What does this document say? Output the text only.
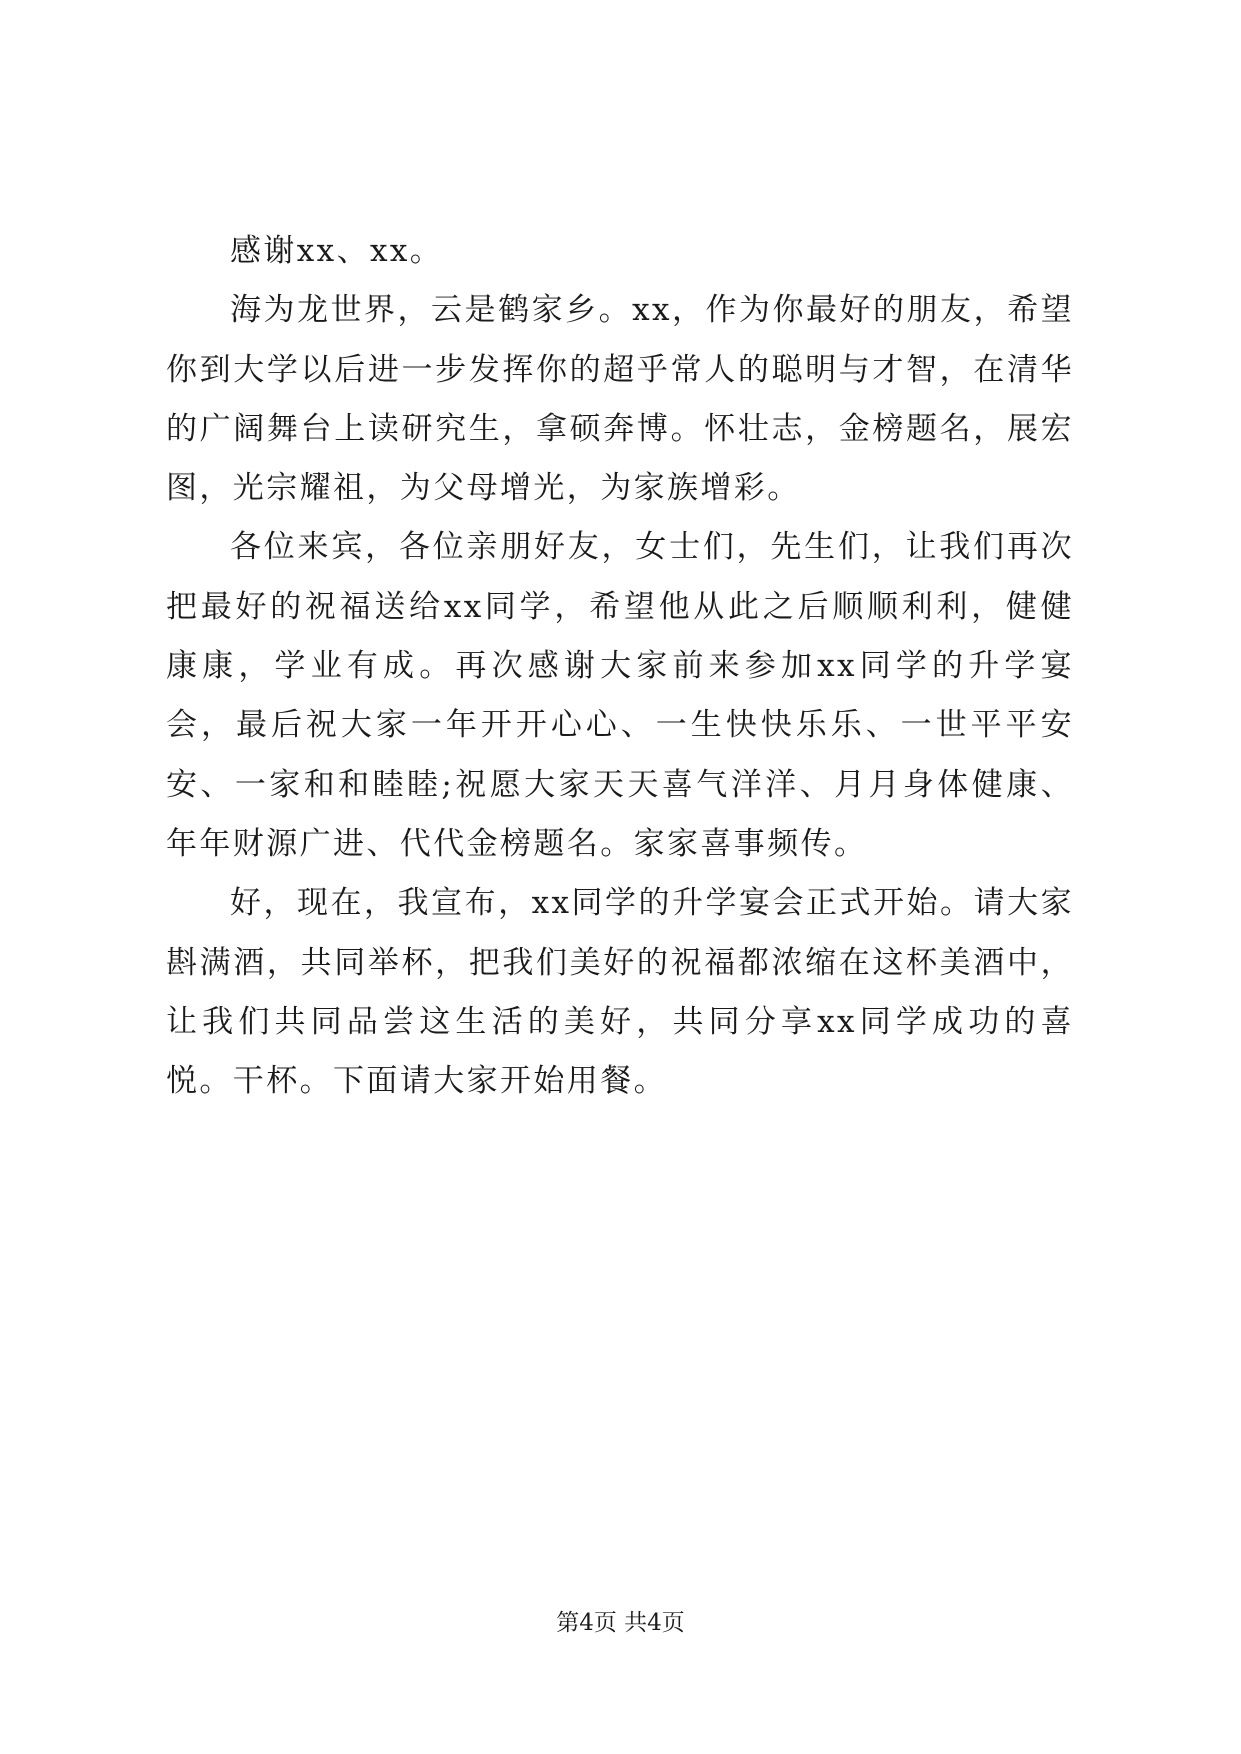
感谢xx、xx。

海为龙世界，云是鹤家乡。xx，作为你最好的朋友，希望你到大学以后进一步发挥你的超乎常人的聪明与才智，在清华的广阔舞台上读研究生，拿硕奔博。怀壮志，金榜题名，展宏图，光宗耀祖，为父母增光，为家族增彩。

各位来宾，各位亲朋好友，女士们，先生们，让我们再次把最好的祝福送给xx同学，希望他从此之后顺顺利利，健健康康，学业有成。再次感谢大家前来参加xx同学的升学宴会，最后祝大家一年开开心心、一生快快乐乐、一世平平安安、一家和和睦睦;祝愿大家天天喜气洋洋、月月身体健康、年年财源广进、代代金榜题名。家家喜事频传。

好，现在，我宣布，xx同学的升学宴会正式开始。请大家斟满酒，共同举杯，把我们美好的祝福都浓缩在这杯美酒中，让我们共同品尝这生活的美好，共同分享xx同学成功的喜悦。干杯。下面请大家开始用餐。

第4页 共4页
